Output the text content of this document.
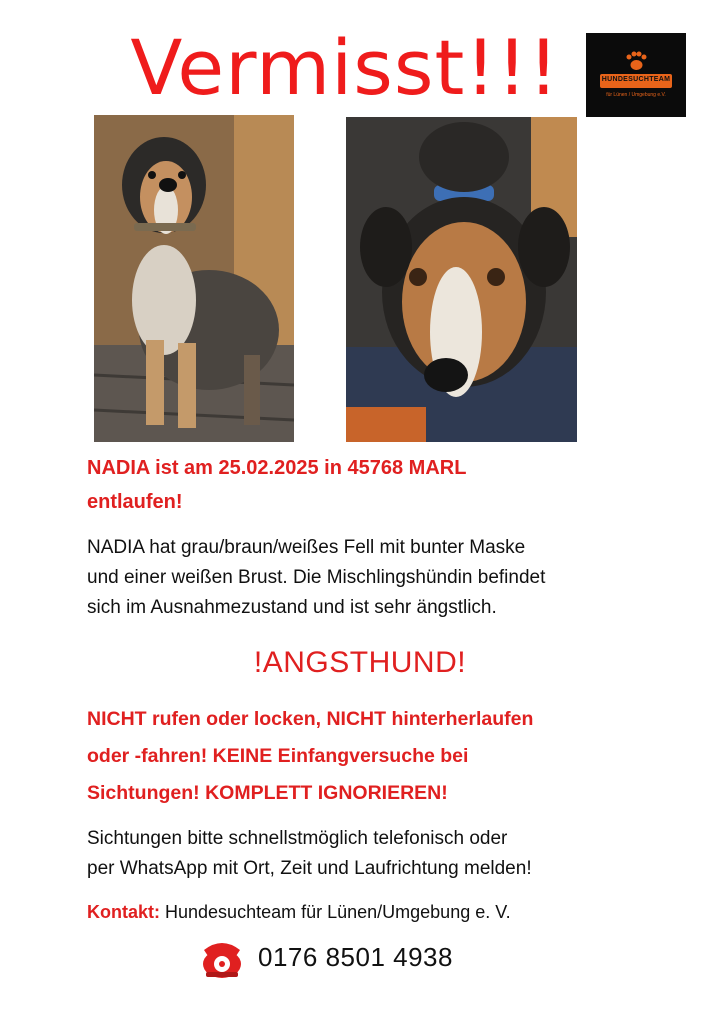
Vermisst!!!	HUNDESUCHTEAM
für Lünen / Umgebung e.V.
NADIA ist am 25.02.2025 in 45768 MARL
entlaufen!
NADIA hat grau/braun/weißes Fell mit bunter Maske
und einer weißen Brust. Die Mischlingshündin befindet
sich im Ausnahmezustand und ist sehr ängstlich.
!ANGSTHUND!
NICHT rufen oder locken, NICHT hinterherlaufen
oder -fahren! KEINE Einfangversuche bei
Sichtungen! KOMPLETT IGNORIEREN!
Sichtungen bitte schnellstmöglich telefonisch oder
per WhatsApp mit Ort, Zeit und Laufrichtung melden!
Kontakt: Hundesuchteam für Lünen/Umgebung e. V.
0176 8501 4938
